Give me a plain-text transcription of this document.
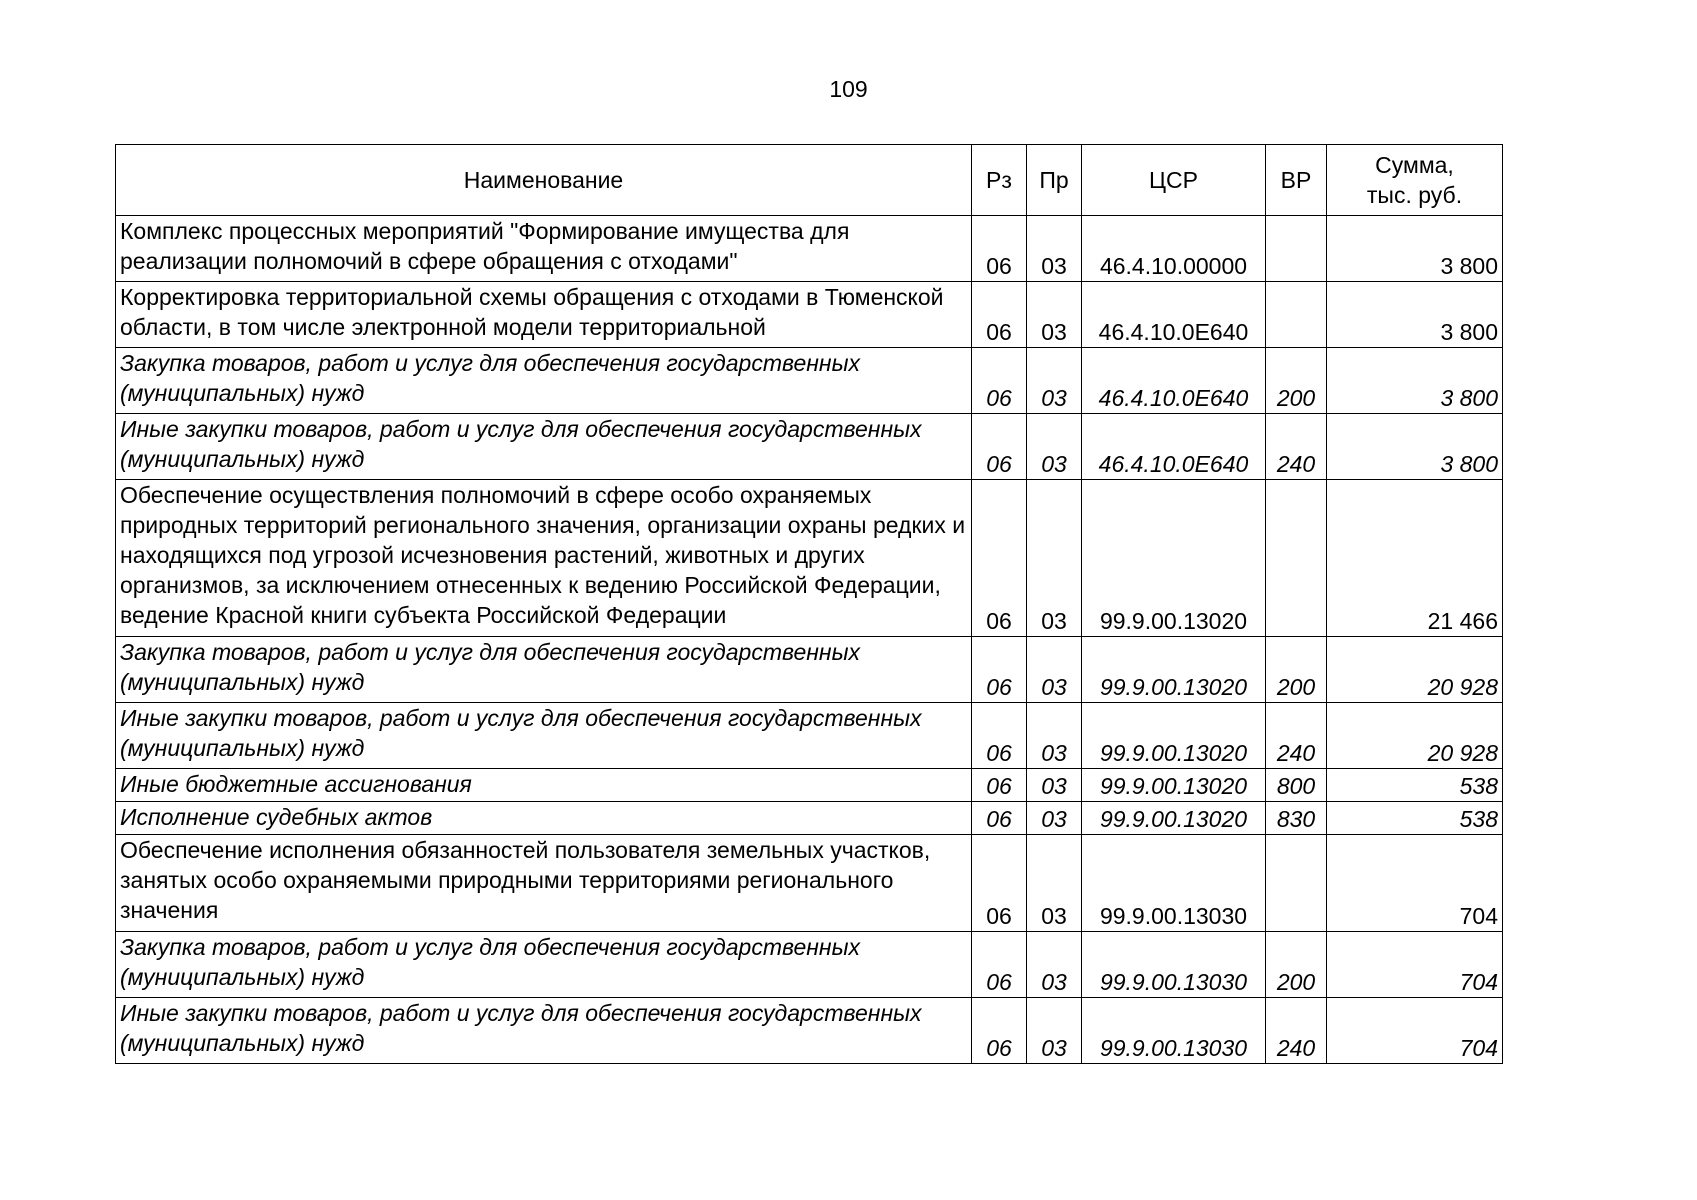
109
Наименование	Рз	Пр	ЦСР	ВР	Сумма,
тыс. руб.

Комплекс процессных мероприятий "Формирование имущества для реализации полномочий в сфере обращения с отходами"	06	03	46.4.10.00000		3 800
Корректировка территориальной схемы обращения с отходами в Тюменской области, в том числе электронной модели территориальной	06	03	46.4.10.0Е640		3 800
Закупка товаров, работ и услуг для обеспечения государственных (муниципальных) нужд	06	03	46.4.10.0Е640	200	3 800
Иные закупки товаров, работ и услуг для обеспечения государственных (муниципальных) нужд	06	03	46.4.10.0Е640	240	3 800
Обеспечение осуществления полномочий в сфере особо охраняемых природных территорий регионального значения, организации охраны редких и находящихся под угрозой исчезновения растений, животных и других организмов, за исключением отнесенных к ведению Российской Федерации, ведение Красной книги субъекта Российской Федерации	06	03	99.9.00.13020		21 466
Закупка товаров, работ и услуг для обеспечения государственных (муниципальных) нужд	06	03	99.9.00.13020	200	20 928
Иные закупки товаров, работ и услуг для обеспечения государственных (муниципальных) нужд	06	03	99.9.00.13020	240	20 928
Иные бюджетные ассигнования	06	03	99.9.00.13020	800	538
Исполнение судебных актов	06	03	99.9.00.13020	830	538
Обеспечение исполнения обязанностей пользователя земельных участков, занятых особо охраняемыми природными территориями регионального значения	06	03	99.9.00.13030		704
Закупка товаров, работ и услуг для обеспечения государственных (муниципальных) нужд	06	03	99.9.00.13030	200	704
Иные закупки товаров, работ и услуг для обеспечения государственных (муниципальных) нужд	06	03	99.9.00.13030	240	704
